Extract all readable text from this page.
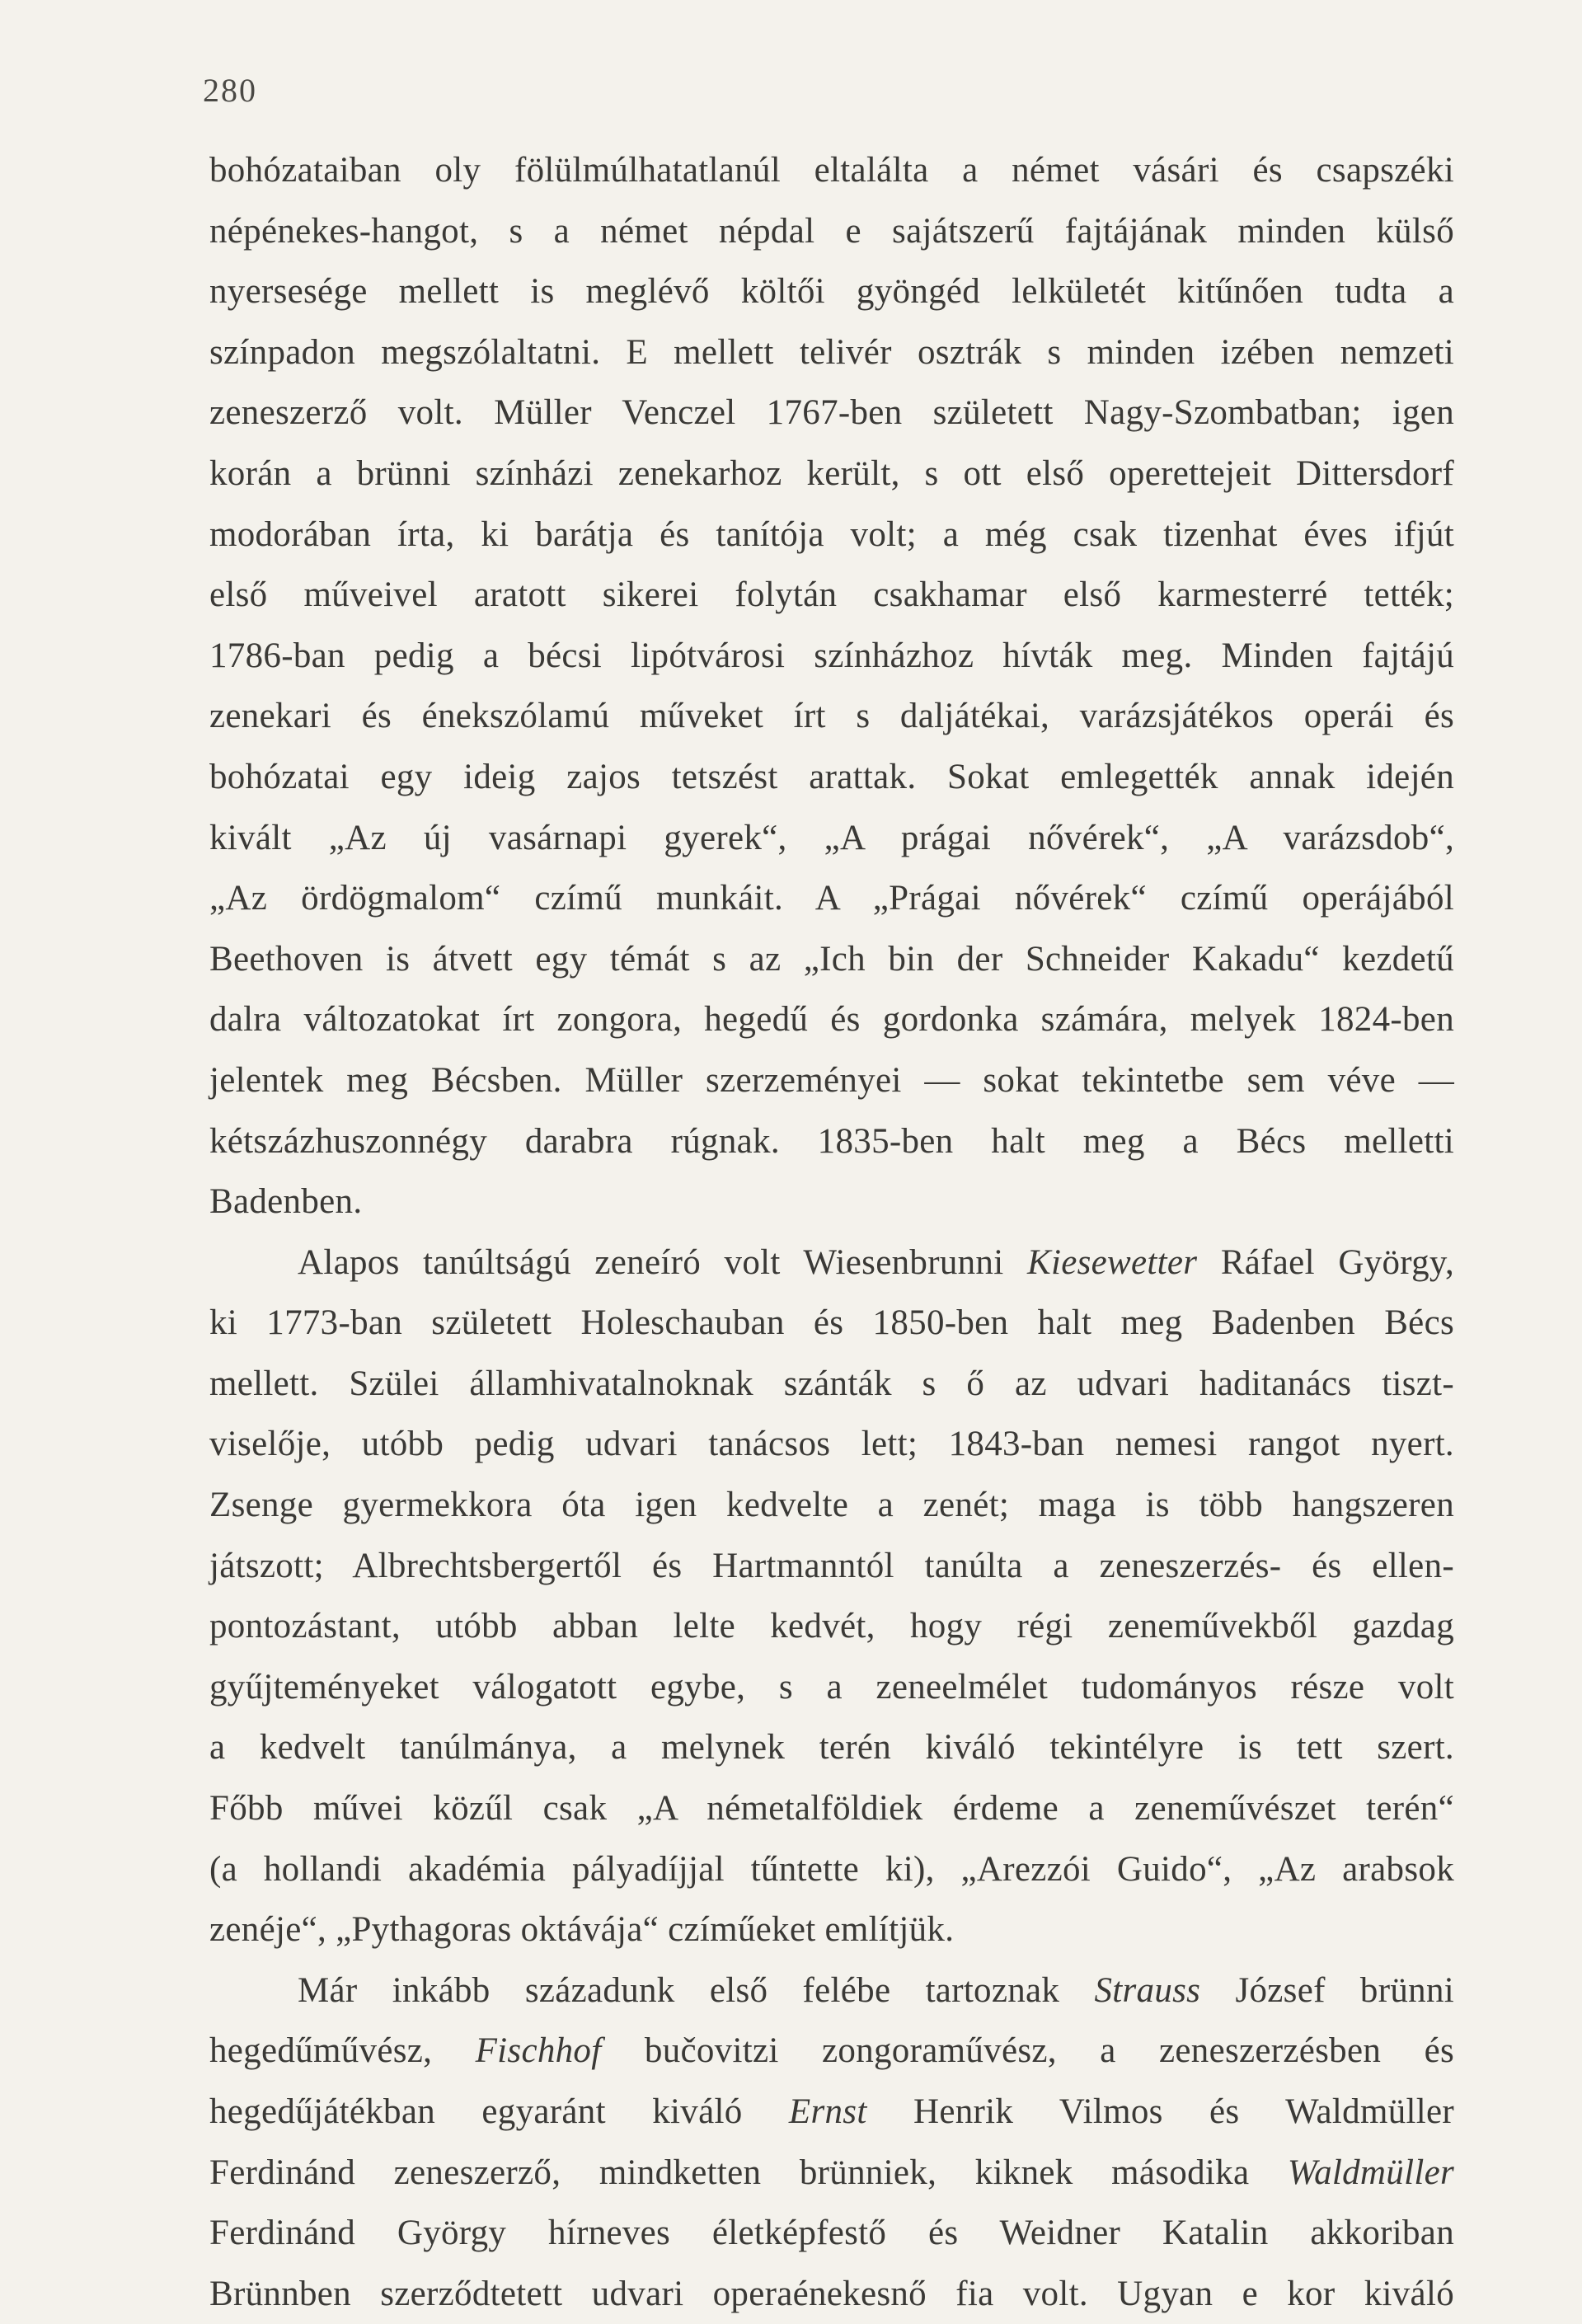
280
bohózataiban oly fölülmúlhatatlanúl eltalálta a német vásári és csapszéki
népénekes-hangot, s a német népdal e sajátszerű fajtájának minden külső
nyersesége mellett is meglévő költői gyöngéd lelkületét kitűnően tudta a
színpadon megszólaltatni. E mellett telivér osztrák s minden izében nemzeti
zeneszerző volt. Müller Venczel 1767-ben született Nagy-Szombatban; igen
korán a brünni színházi zenekarhoz került, s ott első operettejeit Dittersdorf
modorában írta, ki barátja és tanítója volt; a még csak tizenhat éves ifjút
első műveivel aratott sikerei folytán csakhamar első karmesterré tették;
1786-ban pedig a bécsi lipótvárosi színházhoz hívták meg. Minden fajtájú
zenekari és énekszólamú műveket írt s daljátékai, varázsjátékos operái és
bohózatai egy ideig zajos tetszést arattak. Sokat emlegették annak idején
kivált „Az új vasárnapi gyerek“, „A prágai nővérek“, „A varázsdob“,
„Az ördögmalom“ czímű munkáit. A „Prágai nővérek“ czímű operájából
Beethoven is átvett egy témát s az „Ich bin der Schneider Kakadu“ kezdetű
dalra változatokat írt zongora, hegedű és gordonka számára, melyek 1824-ben
jelentek meg Bécsben. Müller szerzeményei — sokat tekintetbe sem véve —
kétszázhuszonnégy darabra rúgnak. 1835-ben halt meg a Bécs melletti
Badenben.
Alapos tanúltságú zeneíró volt Wiesenbrunni Kiesewetter Ráfael György,
ki 1773-ban született Holeschauban és 1850-ben halt meg Badenben Bécs
mellett. Szülei államhivatalnoknak szánták s ő az udvari haditanács tiszt-
viselője, utóbb pedig udvari tanácsos lett; 1843-ban nemesi rangot nyert.
Zsenge gyermekkora óta igen kedvelte a zenét; maga is több hangszeren
játszott; Albrechtsbergertől és Hartmanntól tanúlta a zeneszerzés- és ellen-
pontozástant, utóbb abban lelte kedvét, hogy régi zeneművekből gazdag
gyűjteményeket válogatott egybe, s a zeneelmélet tudományos része volt
a kedvelt tanúlmánya, a melynek terén kiváló tekintélyre is tett szert.
Főbb művei közűl csak „A németalföldiek érdeme a zeneművészet terén“
(a hollandi akadémia pályadíjjal tűntette ki), „Arezzói Guido“, „Az arabsok
zenéje“, „Pythagoras oktávája“ czíműeket említjük.
Már inkább századunk első felébe tartoznak Strauss József brünni
hegedűművész, Fischhof bučovitzi zongoraművész, a zeneszerzésben és
hegedűjátékban egyaránt kiváló Ernst Henrik Vilmos és Waldmüller
Ferdinánd zeneszerző, mindketten brünniek, kiknek másodika Waldmüller
Ferdinánd György hírneves életképfestő és Weidner Katalin akkoriban
Brünnben szerződtetett udvari operaénekesnő fia volt. Ugyan e kor kiváló
